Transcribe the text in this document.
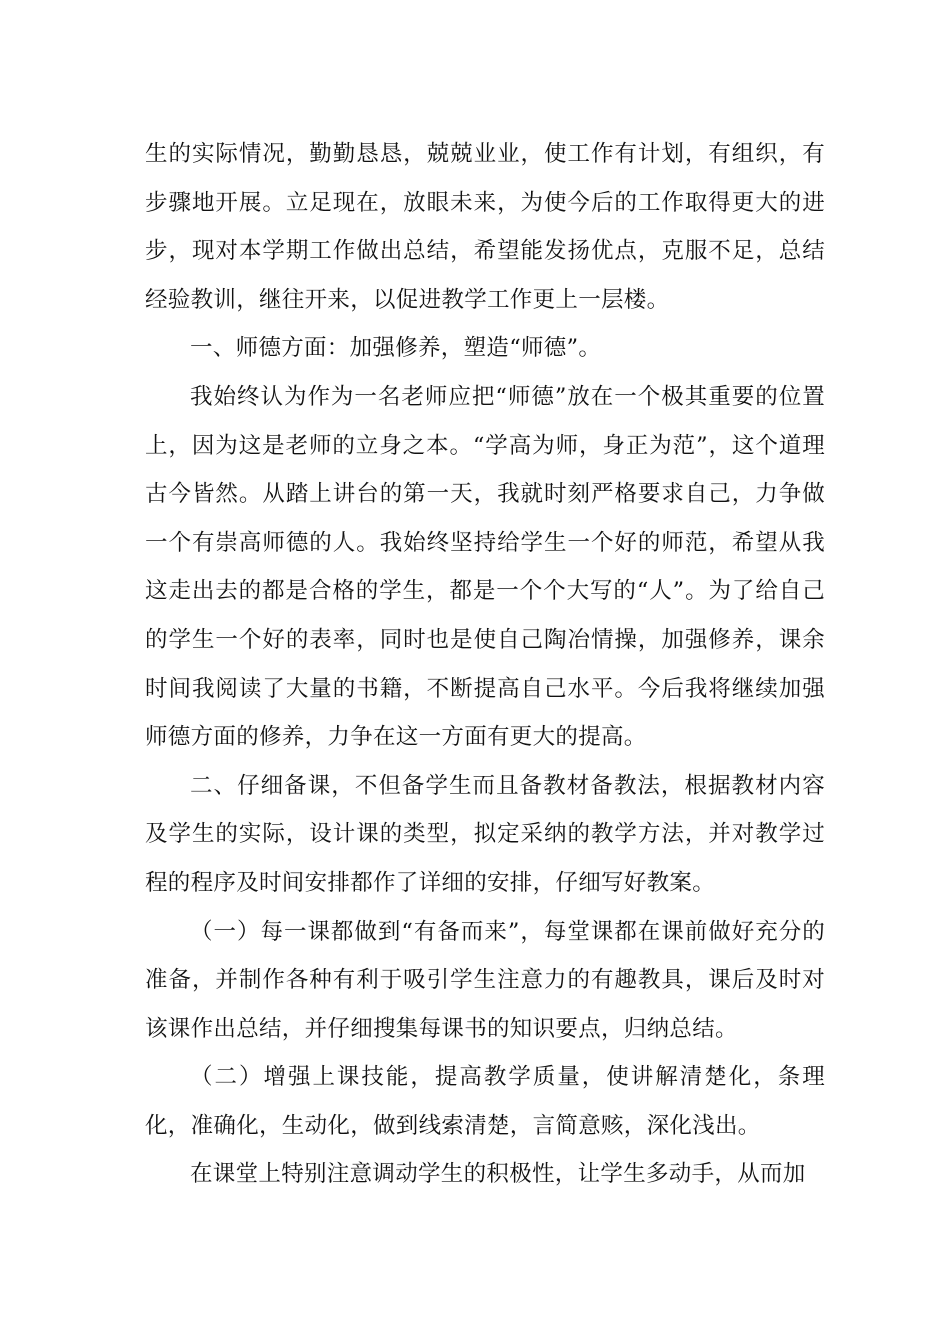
生的实际情况，勤勤恳恳，兢兢业业，使工作有计划，有组织，有步骤地开展。立足现在，放眼未来，为使今后的工作取得更大的进步，现对本学期工作做出总结，希望能发扬优点，克服不足，总结经验教训，继往开来，以促进教学工作更上一层楼。

一、师德方面：加强修养，塑造“师德”。

我始终认为作为一名老师应把“师德”放在一个极其重要的位置上，因为这是老师的立身之本。“学高为师，身正为范”，这个道理古今皆然。从踏上讲台的第一天，我就时刻严格要求自己，力争做一个有崇高师德的人。我始终坚持给学生一个好的师范，希望从我这走出去的都是合格的学生，都是一个个大写的“人”。为了给自己的学生一个好的表率，同时也是使自己陶冶情操，加强修养，课余时间我阅读了大量的书籍，不断提高自己水平。今后我将继续加强师德方面的修养，力争在这一方面有更大的提高。

二、仔细备课，不但备学生而且备教材备教法，根据教材内容及学生的实际，设计课的类型，拟定采纳的教学方法，并对教学过程的程序及时间安排都作了详细的安排，仔细写好教案。

（一）每一课都做到“有备而来”，每堂课都在课前做好充分的准备，并制作各种有利于吸引学生注意力的有趣教具，课后及时对该课作出总结，并仔细搜集每课书的知识要点，归纳总结。

（二）增强上课技能，提高教学质量，使讲解清楚化，条理化，准确化，生动化，做到线索清楚，言简意赅，深化浅出。

在课堂上特别注意调动学生的积极性，让学生多动手，从而加
